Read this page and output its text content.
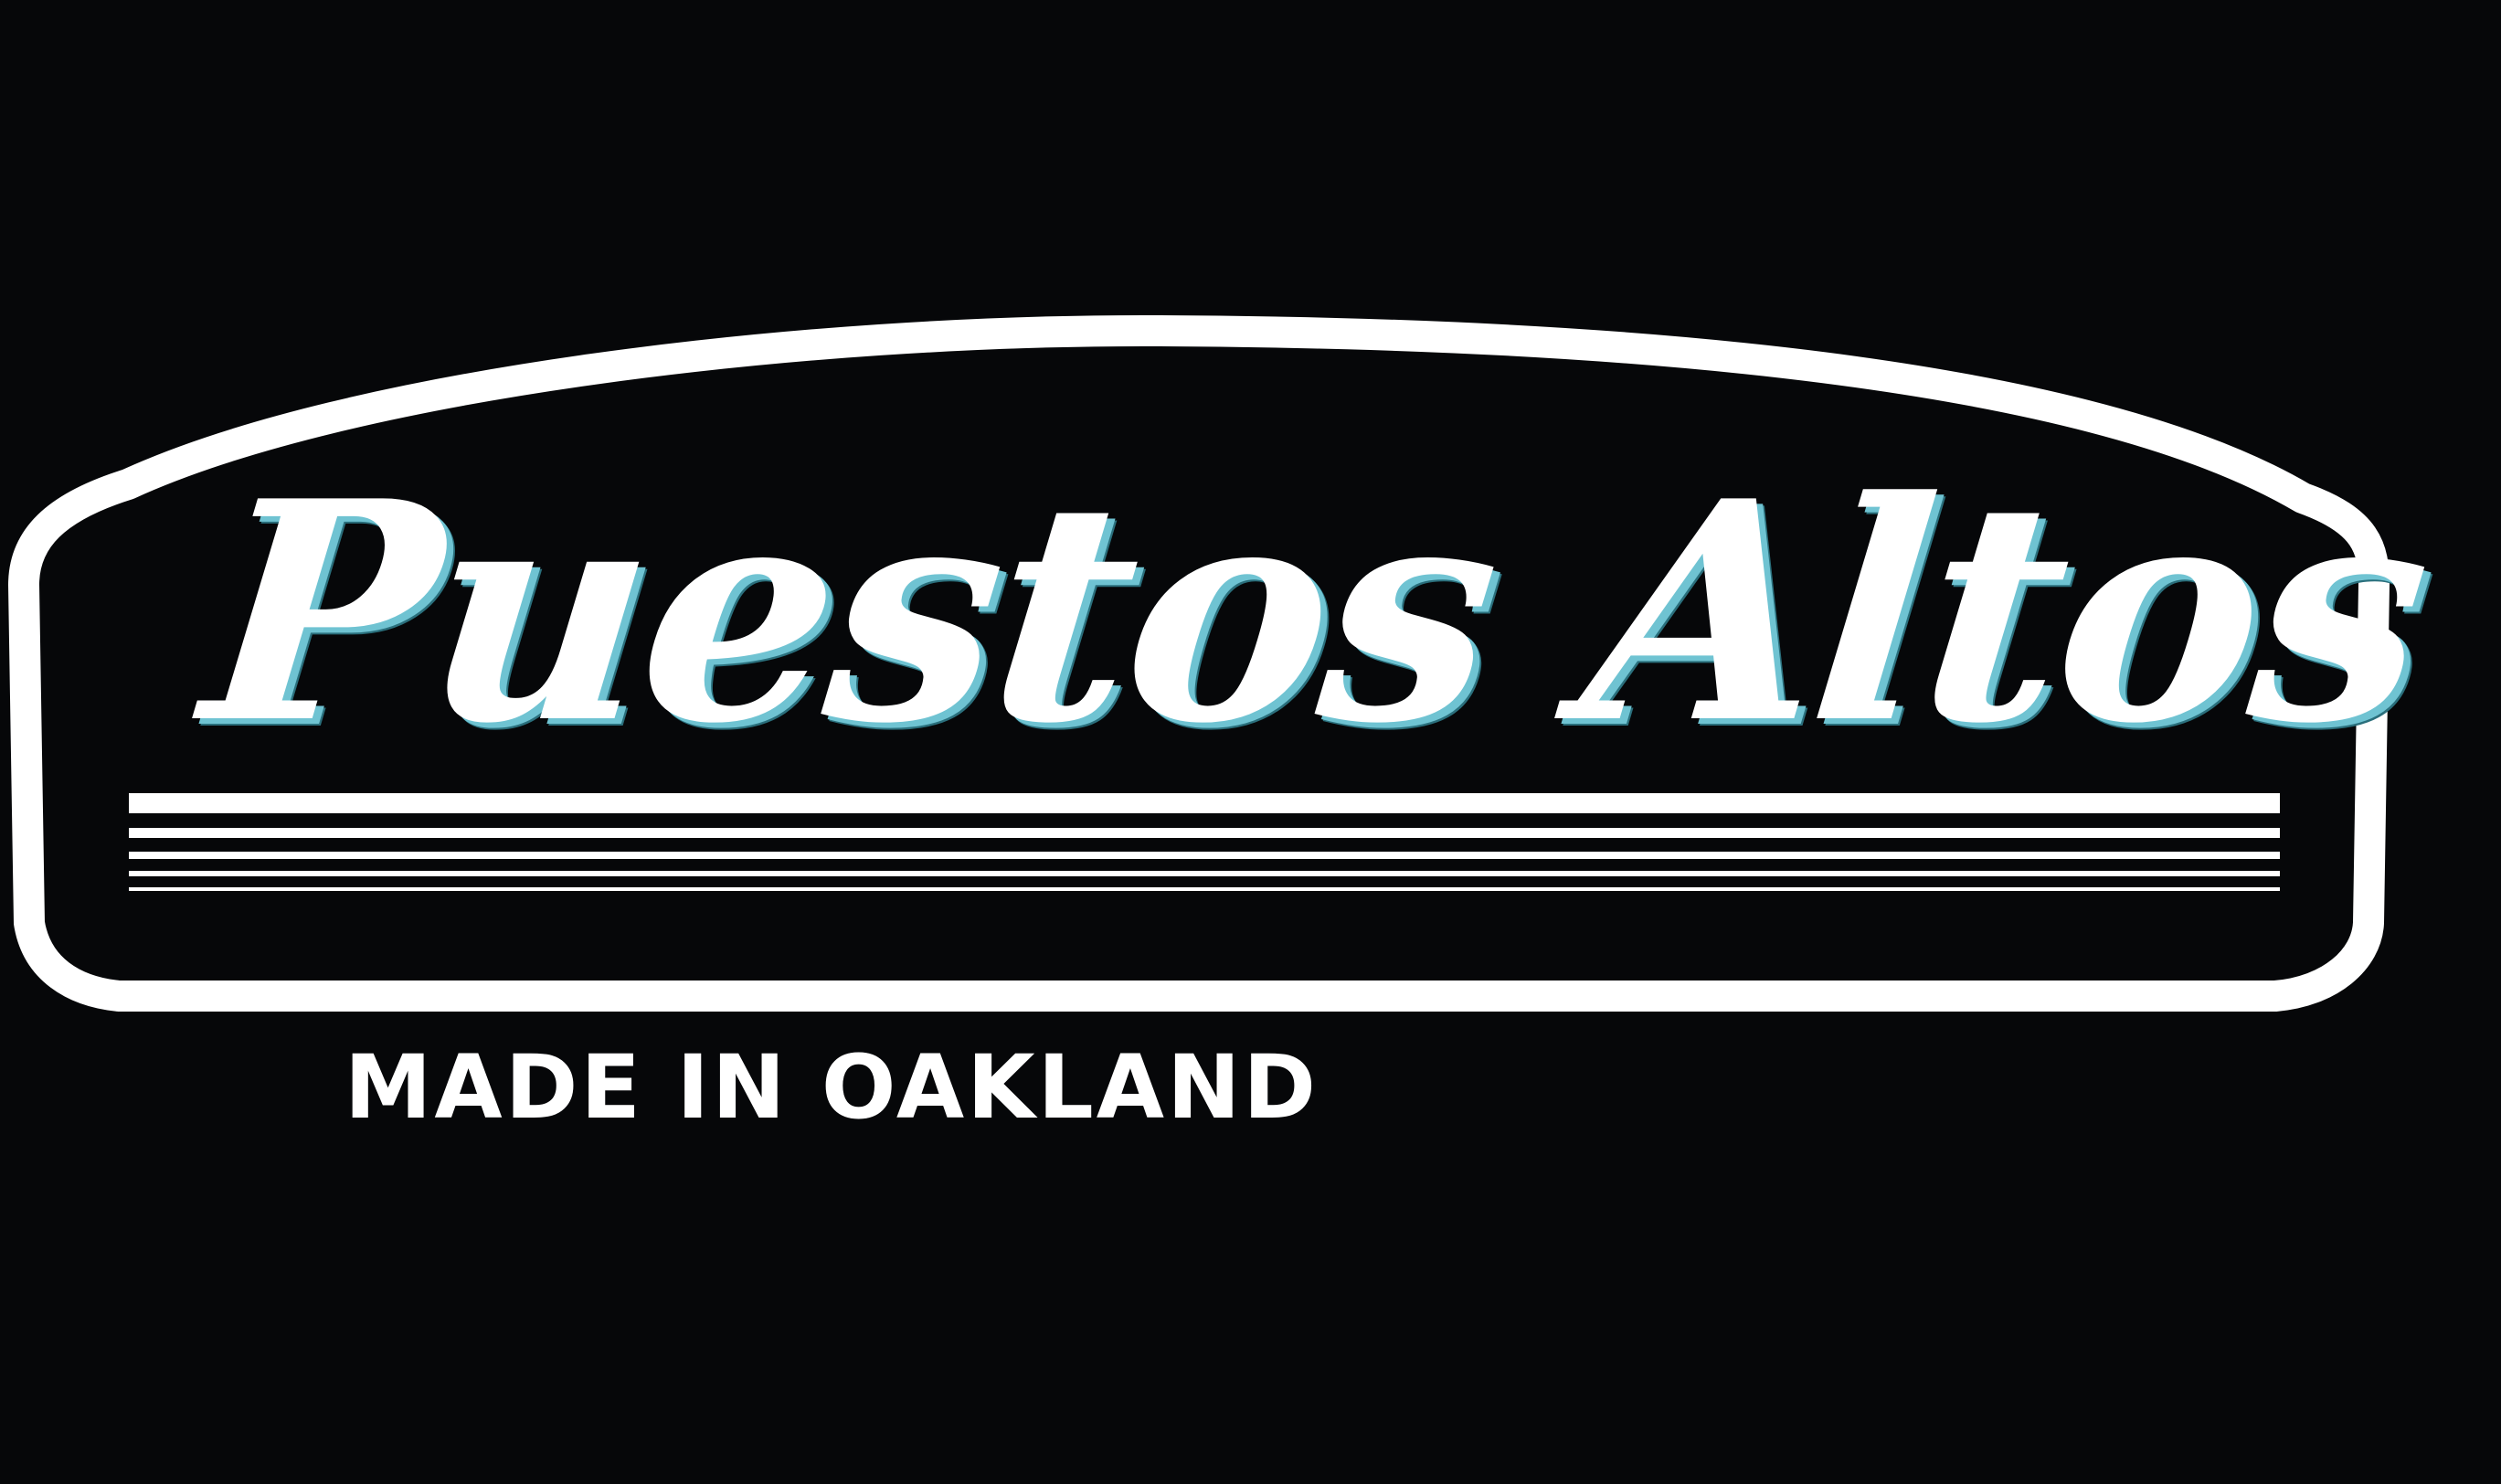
Puestos Altos
MADE IN OAKLAND
